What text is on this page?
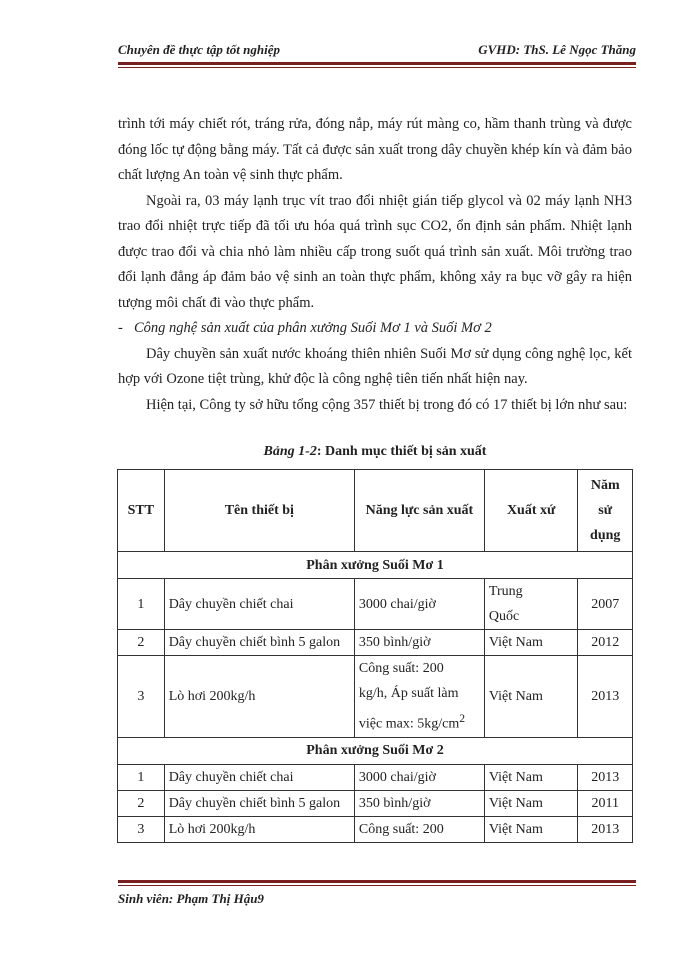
Chuyên đề thực tập tốt nghiệp	GVHD: ThS. Lê Ngọc Thăng

trình tới máy chiết rót, tráng rửa, đóng nắp, máy rút màng co, hầm thanh trùng và được đóng lốc tự động bằng máy. Tất cả được sản xuất trong dây chuyền khép kín và đảm bảo chất lượng An toàn vệ sinh thực phẩm.

Ngoài ra, 03 máy lạnh trục vít trao đổi nhiệt gián tiếp glycol và 02 máy lạnh NH3 trao đổi nhiệt trực tiếp đã tối ưu hóa quá trình sục CO2, ổn định sản phẩm. Nhiệt lạnh được trao đổi và chia nhỏ làm nhiều cấp trong suốt quá trình sản xuất. Môi trường trao đổi lạnh đẳng áp đảm bảo vệ sinh an toàn thực phẩm, không xảy ra bục vỡ gây ra hiện tượng môi chất đi vào thực phẩm.

- Công nghệ sản xuất của phân xưởng Suối Mơ 1 và Suối Mơ 2

Dây chuyền sản xuất nước khoáng thiên nhiên Suối Mơ sử dụng công nghệ lọc, kết hợp với Ozone tiệt trùng, khử độc là công nghệ tiên tiến nhất hiện nay.

Hiện tại, Công ty sở hữu tổng cộng 357 thiết bị trong đó có 17 thiết bị lớn như sau:

Bảng 1-2: Danh mục thiết bị sản xuất
STT	Tên thiết bị	Năng lực sản xuất	Xuất xứ	Năm
sử
dụng

Phân xưởng Suối Mơ 1				
1	Dây chuyền chiết chai	3000 chai/giờ	Trung
Quốc	2007
2	Dây chuyền chiết bình 5 galon	350 bình/giờ	Việt Nam	2012
3	Lò hơi 200kg/h	Công suất: 200
kg/h, Áp suất làm
việc max: $5kg/cm^2$	Việt Nam	2013
Phân xưởng Suối Mơ 2				
1	Dây chuyền chiết chai	3000 chai/giờ	Việt Nam	2013
2	Dây chuyền chiết bình 5 galon	350 bình/giờ	Việt Nam	2011
3	Lò hơi 200kg/h	Công suất: 200	Việt Nam	2013
Sinh viên: Phạm Thị Hậu9
